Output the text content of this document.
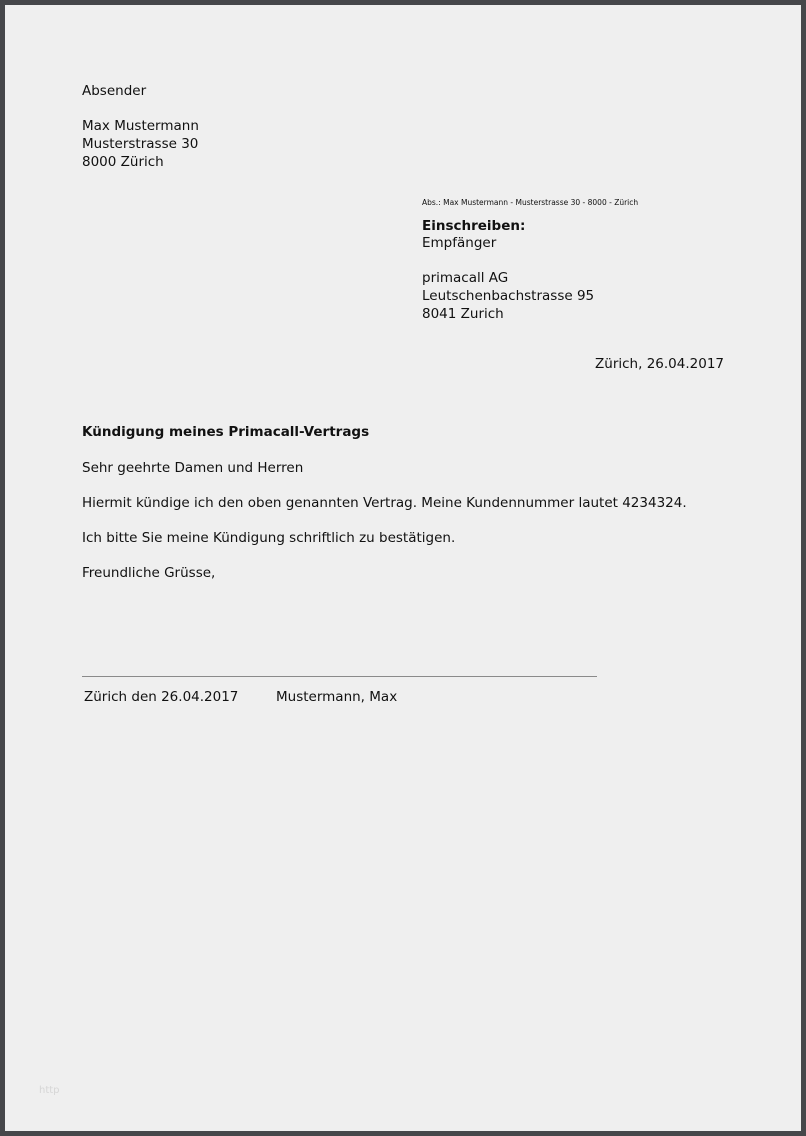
Absender
Max Mustermann
Musterstrasse 30
8000 Zürich
Abs.: Max Mustermann - Musterstrasse 30 - 8000 - Zürich
Einschreiben:
Empfänger
primacall AG
Leutschenbachstrasse 95
8041 Zurich
Zürich, 26.04.2017
Kündigung meines Primacall-Vertrags
Sehr geehrte Damen und Herren
Hiermit kündige ich den oben genannten Vertrag. Meine Kundennummer lautet 4234324.
Ich bitte Sie meine Kündigung schriftlich zu bestätigen.
Freundliche Grüsse,
Zürich den 26.04.2017	Mustermann, Max
http
